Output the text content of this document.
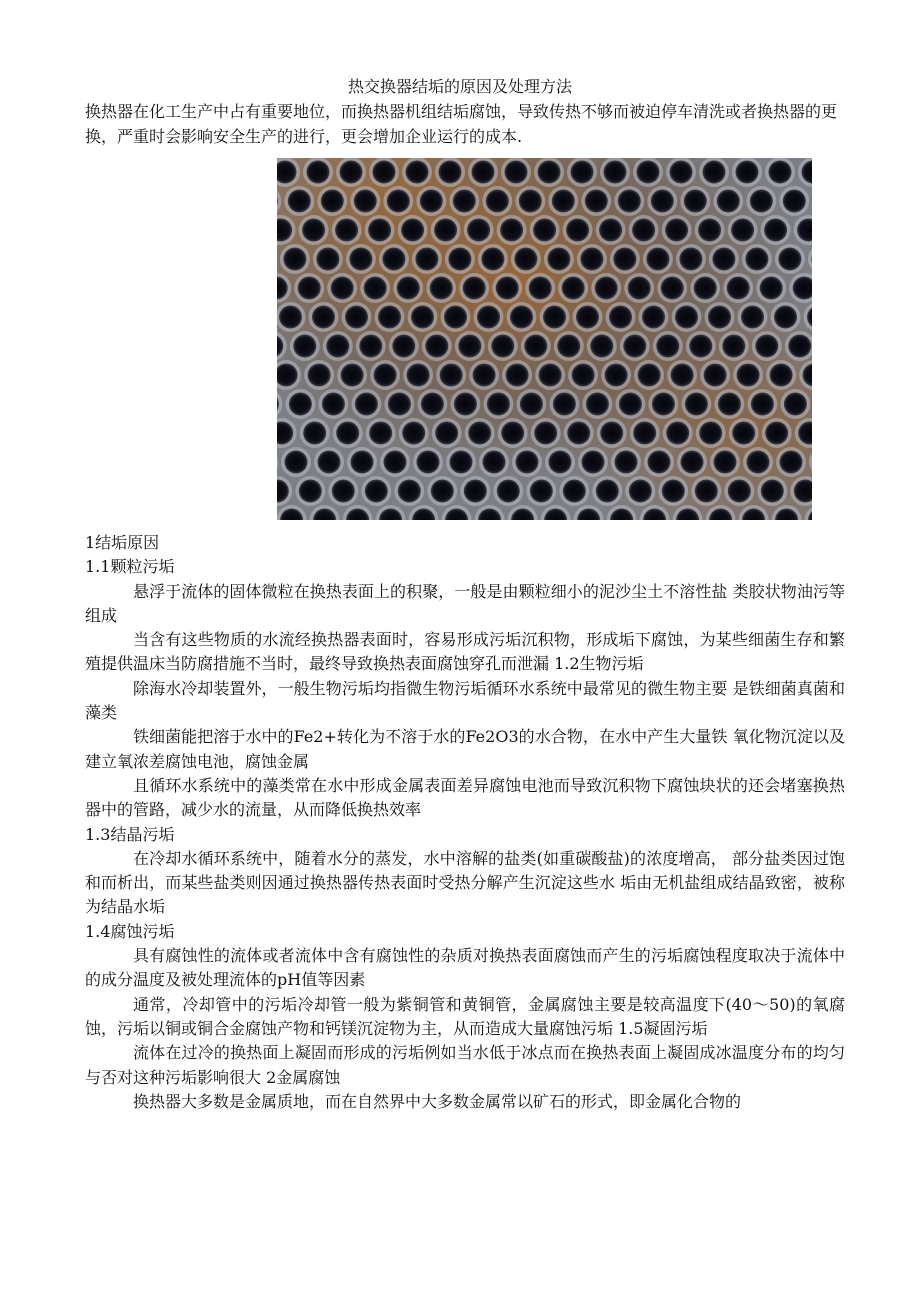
热交换器结垢的原因及处理方法

换热器在化工生产中占有重要地位，而换热器机组结垢腐蚀，导致传热不够而被迫停车清洗或者换热器的更换，严重时会影响安全生产的进行，更会增加企业运行的成本.

1结垢原因

1.1颗粒污垢

悬浮于流体的固体微粒在换热表面上的积聚，一般是由颗粒细小的泥沙尘土不溶性盐 类胶状物油污等组成

当含有这些物质的水流经换热器表面时，容易形成污垢沉积物，形成垢下腐蚀，为某些细菌生存和繁殖提供温床当防腐措施不当时，最终导致换热表面腐蚀穿孔而泄漏 1.2生物污垢

除海水冷却装置外，一般生物污垢均指微生物污垢循环水系统中最常见的微生物主要 是铁细菌真菌和藻类

铁细菌能把溶于水中的Fe2+转化为不溶于水的Fe2O3的水合物，在水中产生大量铁 氧化物沉淀以及建立氧浓差腐蚀电池，腐蚀金属

且循环水系统中的藻类常在水中形成金属表面差异腐蚀电池而导致沉积物下腐蚀块状的还会堵塞换热器中的管路，减少水的流量，从而降低换热效率

1.3结晶污垢

在冷却水循环系统中，随着水分的蒸发，水中溶解的盐类(如重碳酸盐)的浓度增高， 部分盐类因过饱和而析出，而某些盐类则因通过换热器传热表面时受热分解产生沉淀这些水 垢由无机盐组成结晶致密，被称为结晶水垢

1.4腐蚀污垢

具有腐蚀性的流体或者流体中含有腐蚀性的杂质对换热表面腐蚀而产生的污垢腐蚀程度取决于流体中的成分温度及被处理流体的pH值等因素

通常，冷却管中的污垢冷却管一般为紫铜管和黄铜管，金属腐蚀主要是较高温度下(40〜50)的氧腐蚀，污垢以铜或铜合金腐蚀产物和钙镁沉淀物为主，从而造成大量腐蚀污垢 1.5凝固污垢

流体在过冷的换热面上凝固而形成的污垢例如当水低于冰点而在换热表面上凝固成冰温度分布的均匀与否对这种污垢影响很大 2金属腐蚀

换热器大多数是金属质地，而在自然界中大多数金属常以矿石的形式，即金属化合物的
